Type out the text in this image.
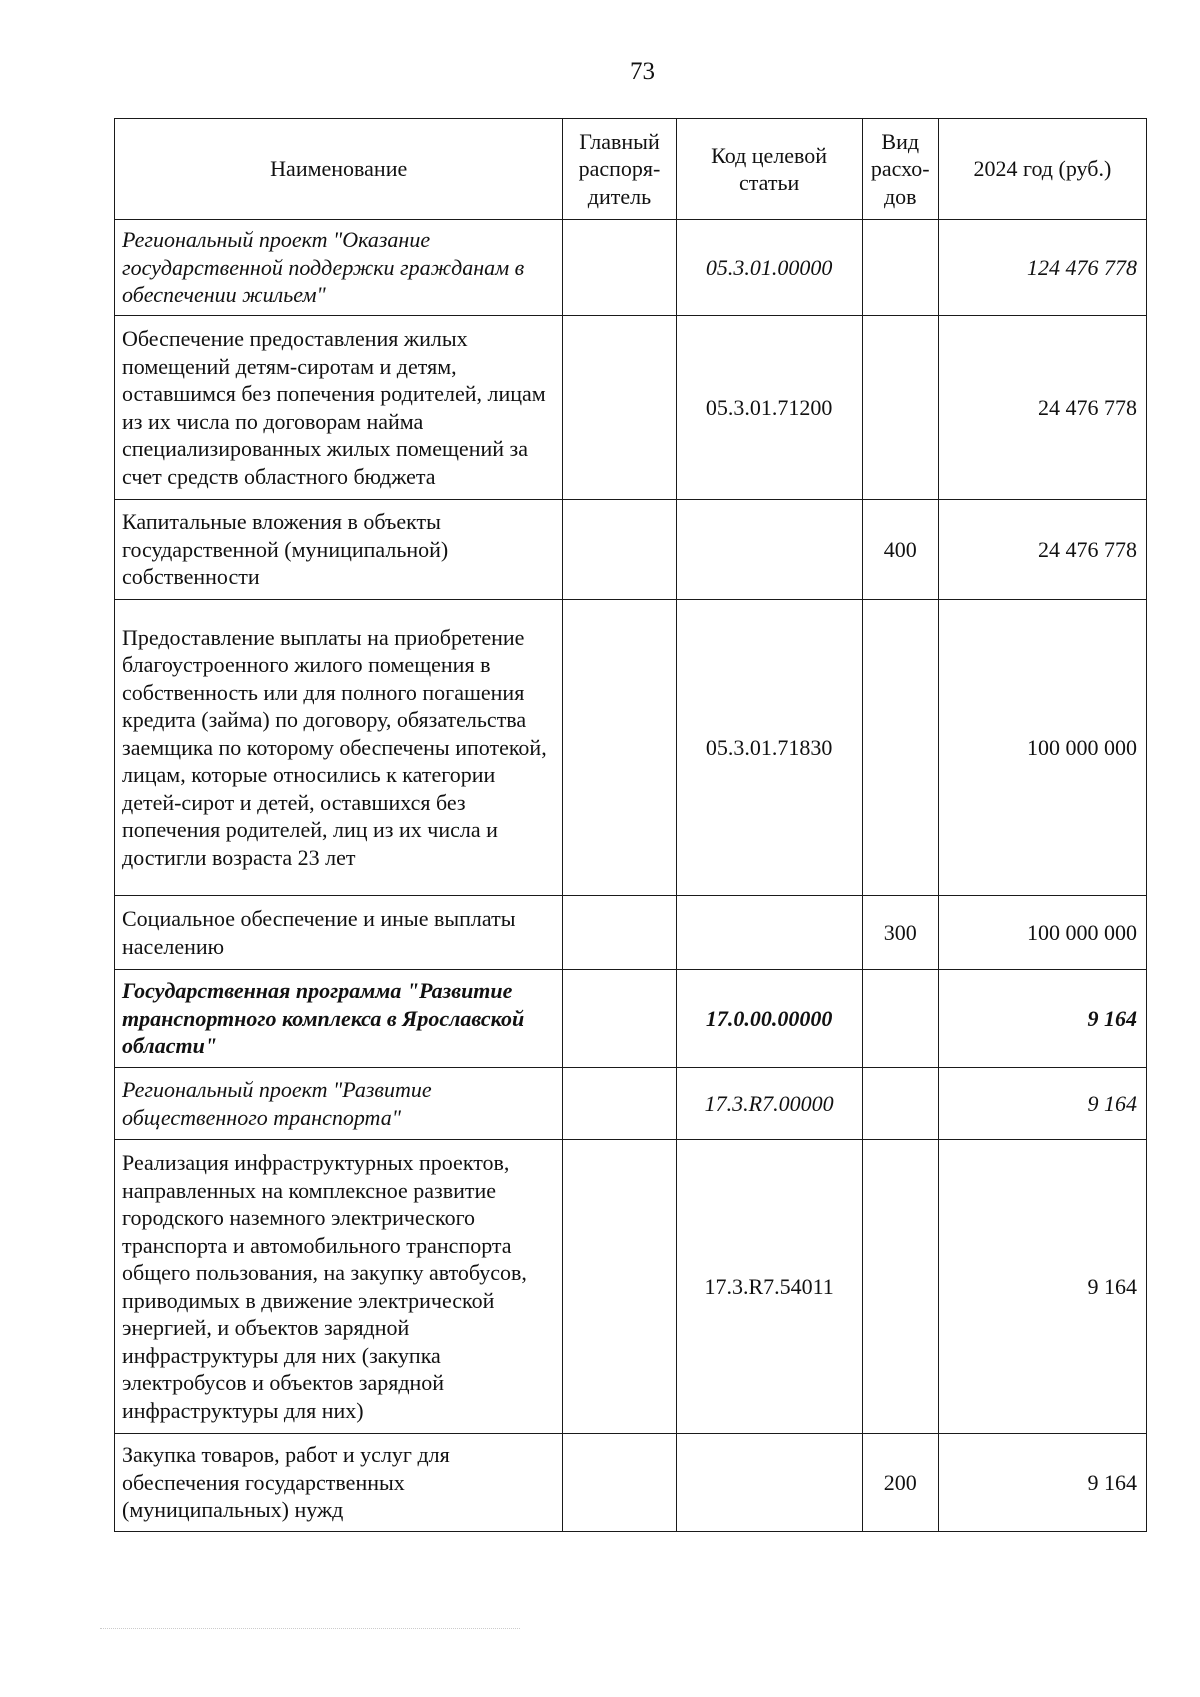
73
Наименование	Главный распоря-дитель	Код целевой статьи	Вид расхо-дов	2024 год (руб.)
Региональный проект "Оказание государственной поддержки гражданам в обеспечении жильем"		05.3.01.00000		124 476 778
Обеспечение предоставления жилых помещений детям-сиротам и детям, оставшимся без попечения родителей, лицам из их числа по договорам найма специализированных жилых помещений за счет средств областного бюджета		05.3.01.71200		24 476 778
Капитальные вложения в объекты государственной (муниципальной) собственности			400	24 476 778
Предоставление выплаты на приобретение благоустроенного жилого помещения в собственность или для полного погашения кредита (займа) по договору, обязательства заемщика по которому обеспечены ипотекой, лицам, которые относились к категории детей-сирот и детей, оставшихся без попечения родителей, лиц из их числа и достигли возраста 23 лет		05.3.01.71830		100 000 000
Социальное обеспечение и иные выплаты населению			300	100 000 000
Государственная программа "Развитие транспортного комплекса в Ярославской области"		17.0.00.00000		9 164
Региональный проект "Развитие общественного транспорта"		17.3.R7.00000		9 164
Реализация инфраструктурных проектов, направленных на комплексное развитие городского наземного электрического транспорта и автомобильного транспорта общего пользования, на закупку автобусов, приводимых в движение электрической энергией, и объектов зарядной инфраструктуры для них (закупка электробусов и объектов зарядной инфраструктуры для них)		17.3.R7.54011		9 164
Закупка товаров, работ и услуг для обеспечения государственных (муниципальных) нужд			200	9 164
